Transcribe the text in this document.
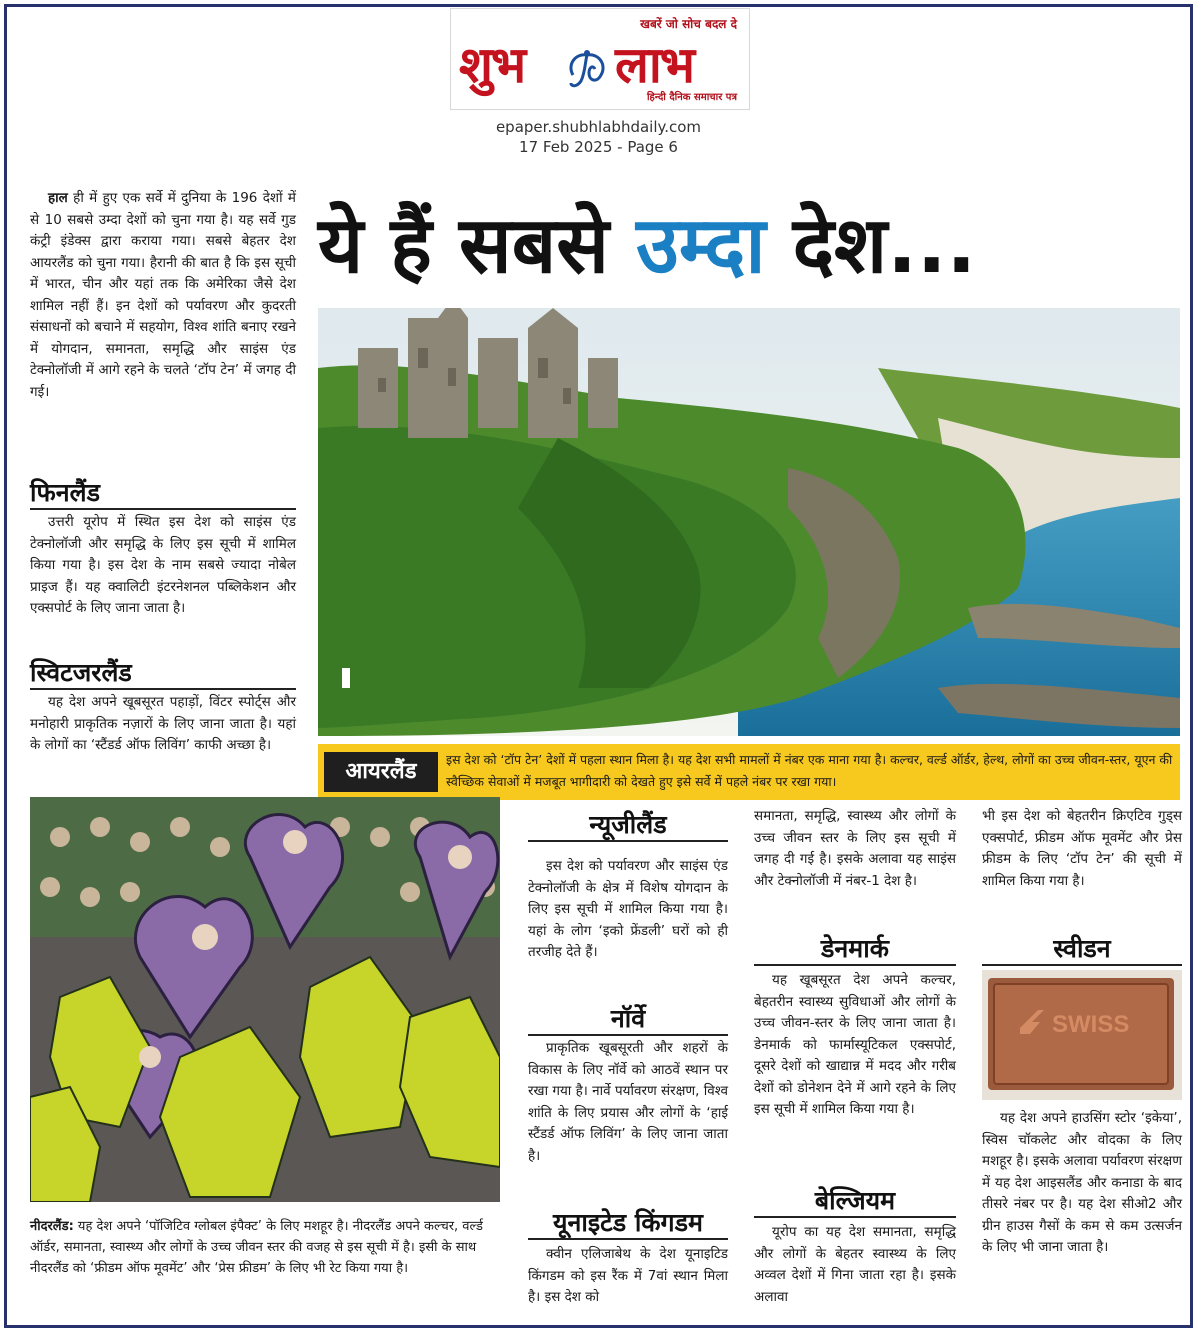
खबरें जो सोच बदल दे
शुभ लाभ
हिन्दी दैनिक समाचार पत्र
epaper.shubhlabhdaily.com
17 Feb 2025 - Page 6
ये हैं सबसे उम्दा देश...
हाल ही में हुए एक सर्वे में दुनिया के 196 देशों में से 10 सबसे उम्दा देशों को चुना गया है। यह सर्वे गुड कंट्री इंडेक्स द्वारा कराया गया। सबसे बेहतर देश आयरलैंड को चुना गया। हैरानी की बात है कि इस सूची में भारत, चीन और यहां तक कि अमेरिका जैसे देश शामिल नहीं हैं। इन देशों को पर्यावरण और कुदरती संसाधनों को बचाने में सहयोग, विश्व शांति बनाए रखने में योगदान, समानता, समृद्धि और साइंस एंड टेक्नोलॉजी में आगे रहने के चलते ‘टॉप टेन’ में जगह दी गई।
फिनलैंड
उत्तरी यूरोप में स्थित इस देश को साइंस एंड टेक्नोलॉजी और समृद्धि के लिए इस सूची में शामिल किया गया है। इस देश के नाम सबसे ज्यादा नोबेल प्राइज हैं। यह क्वालिटी इंटरनेशनल पब्लिकेशन और एक्सपोर्ट के लिए जाना जाता है।
स्विटजरलैंड
यह देश अपने खूबसूरत पहाड़ों, विंटर स्पोर्ट्स और मनोहारी प्राकृतिक नज़ारों के लिए जाना जाता है। यहां के लोगों का ‘स्टैंडर्ड ऑफ लिविंग’ काफी अच्छा है।
आयरलैंड	इस देश को ‘टॉप टेन’ देशों में पहला स्थान मिला है। यह देश सभी मामलों में नंबर एक माना गया है। कल्चर, वर्ल्ड ऑर्डर, हेल्थ, लोगों का उच्च जीवन-स्तर, यूएन की स्वैच्छिक सेवाओं में मजबूत भागीदारी को देखते हुए इसे सर्वे में पहले नंबर पर रखा गया।
नीदरलैंड: यह देश अपने ‘पॉजिटिव ग्लोबल इंपैक्ट’ के लिए मशहूर है। नीदरलैंड अपने कल्चर, वर्ल्ड ऑर्डर, समानता, स्वास्थ्य और लोगों के उच्च जीवन स्तर की वजह से इस सूची में है। इसी के साथ नीदरलैंड को ‘फ्रीडम ऑफ मूवमेंट’ और ‘प्रेस फ्रीडम’ के लिए भी रेट किया गया है।
न्यूजीलैंड
इस देश को पर्यावरण और साइंस एंड टेक्नोलॉजी के क्षेत्र में विशेष योगदान के लिए इस सूची में शामिल किया गया है। यहां के लोग ‘इको फ्रेंडली’ घरों को ही तरजीह देते हैं।
नॉर्वे
प्राकृतिक खूबसूरती और शहरों के विकास के लिए नॉर्वे को आठवें स्थान पर रखा गया है। नार्वे पर्यावरण संरक्षण, विश्व शांति के लिए प्रयास और लोगों के ‘हाई स्टैंडर्ड ऑफ लिविंग’ के लिए जाना जाता है।
यूनाइटेड किंगडम
क्वीन एलिजाबेथ के देश यूनाइटिड किंगडम को इस रैंक में 7वां स्थान मिला है। इस देश को
समानता, समृद्धि, स्वास्थ्य और लोगों के उच्च जीवन स्तर के लिए इस सूची में जगह दी गई है। इसके अलावा यह साइंस और टेक्नोलॉजी में नंबर-1 देश है।
डेनमार्क
यह खूबसूरत देश अपने कल्चर, बेहतरीन स्वास्थ्य सुविधाओं और लोगों के उच्च जीवन-स्तर के लिए जाना जाता है। डेनमार्क को फार्मास्यूटिकल एक्सपोर्ट, दूसरे देशों को खाद्यान्न में मदद और गरीब देशों को डोनेशन देने में आगे रहने के लिए इस सूची में शामिल किया गया है।
बेल्जियम
यूरोप का यह देश समानता, समृद्धि और लोगों के बेहतर स्वास्थ्य के लिए अव्वल देशों में गिना जाता रहा है। इसके अलावा
भी इस देश को बेहतरीन क्रिएटिव गुड्स एक्सपोर्ट, फ्रीडम ऑफ मूवमेंट और प्रेस फ्रीडम के लिए ‘टॉप टेन’ की सूची में शामिल किया गया है।
स्वीडन
SWISS
यह देश अपने हाउसिंग स्टोर ‘इकेया’, स्विस चॉकलेट और वोदका के लिए मशहूर है। इसके अलावा पर्यावरण संरक्षण में यह देश आइसलैंड और कनाडा के बाद तीसरे नंबर पर है। यह देश सीओ2 और ग्रीन हाउस गैसों के कम से कम उत्सर्जन के लिए भी जाना जाता है।
